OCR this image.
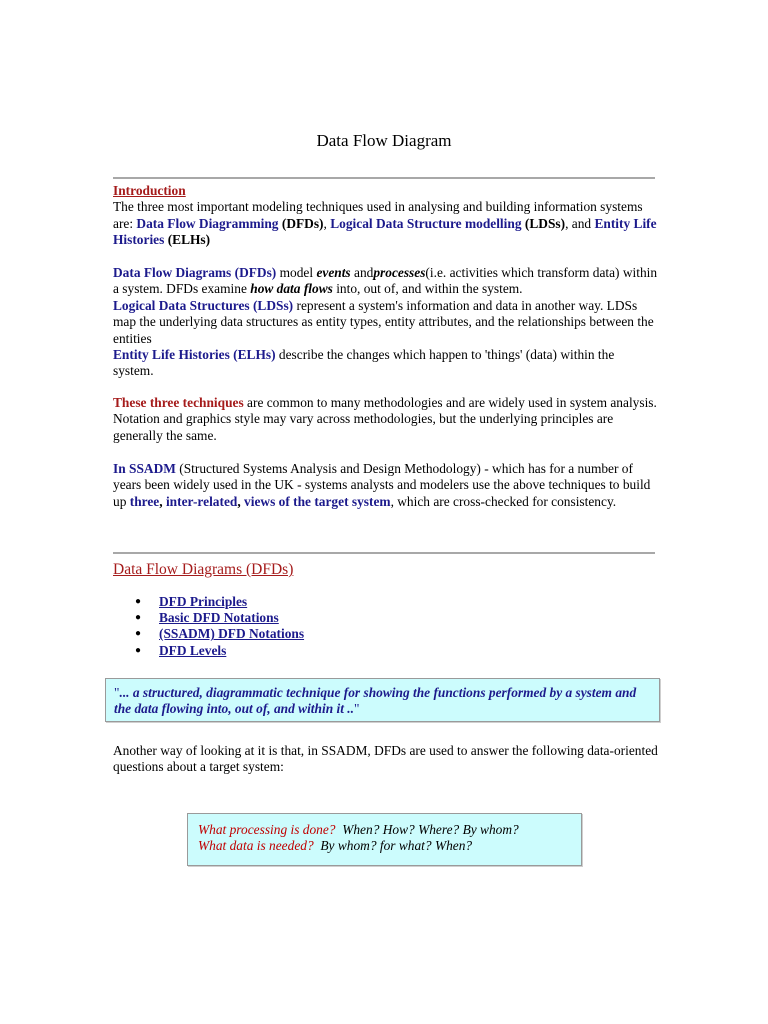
Data Flow Diagram
Introduction
The three most important modeling techniques used in analysing and building information systems are: Data Flow Diagramming (DFDs), Logical Data Structure modelling (LDSs), and Entity Life Histories (ELHs)
Data Flow Diagrams (DFDs) model events andprocesses(i.e. activities which transform data) within a system. DFDs examine how data flows into, out of, and within the system.
Logical Data Structures (LDSs) represent a system's information and data in another way. LDSs map the underlying data structures as entity types, entity attributes, and the relationships between the entities
Entity Life Histories (ELHs) describe the changes which happen to 'things' (data) within the system.
These three techniques are common to many methodologies and are widely used in system analysis. Notation and graphics style may vary across methodologies, but the underlying principles are generally the same.
In SSADM (Structured Systems Analysis and Design Methodology) - which has for a number of years been widely used in the UK - systems analysts and modelers use the above techniques to build up three, inter-related, views of the target system, which are cross-checked for consistency.
Data Flow Diagrams (DFDs)
● DFD Principles
● Basic DFD Notations
● (SSADM) DFD Notations
● DFD Levels
"... a structured, diagrammatic technique for showing the functions performed by a system and the data flowing into, out of, and within it .."
Another way of looking at it is that, in SSADM, DFDs are used to answer the following data-oriented questions about a target system:
What processing is done? When? How? Where? By whom?
What data is needed? By whom? for what? When?
